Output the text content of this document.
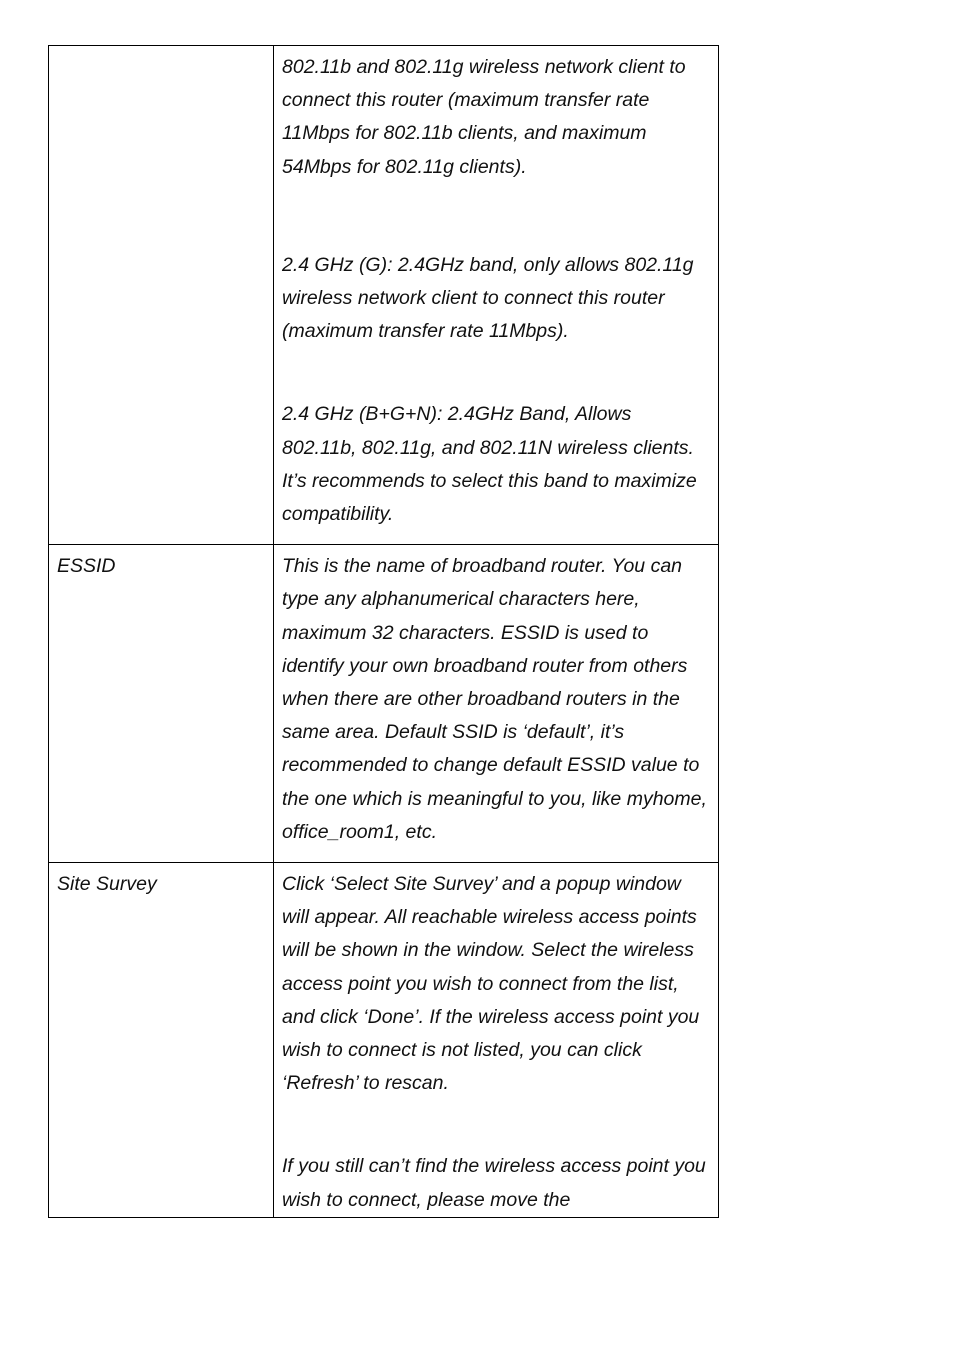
	802.11b and 802.11g wireless network client to connect this router (maximum transfer rate 11Mbps for 802.11b clients, and maximum 54Mbps for 802.11g clients).

2.4 GHz (G): 2.4GHz band, only allows 802.11g wireless network client to connect this router (maximum transfer rate 11Mbps).

2.4 GHz (B+G+N): 2.4GHz Band, Allows 802.11b, 802.11g, and 802.11N wireless clients. It’s recommends to select this band to maximize compatibility.

ESSID	This is the name of broadband router. You can type any alphanumerical characters here, maximum 32 characters. ESSID is used to identify your own broadband router from others when there are other broadband routers in the same area. Default SSID is ‘default’, it’s recommended to change default ESSID value to the one which is meaningful to you, like myhome, office_room1, etc.

Site Survey	Click ‘Select Site Survey’ and a popup window will appear. All reachable wireless access points will be shown in the window. Select the wireless access point you wish to connect from the list, and click ‘Done’. If the wireless access point you wish to connect is not listed, you can click ‘Refresh’ to rescan.

If you still can’t find the wireless access point you wish to connect, please move the
